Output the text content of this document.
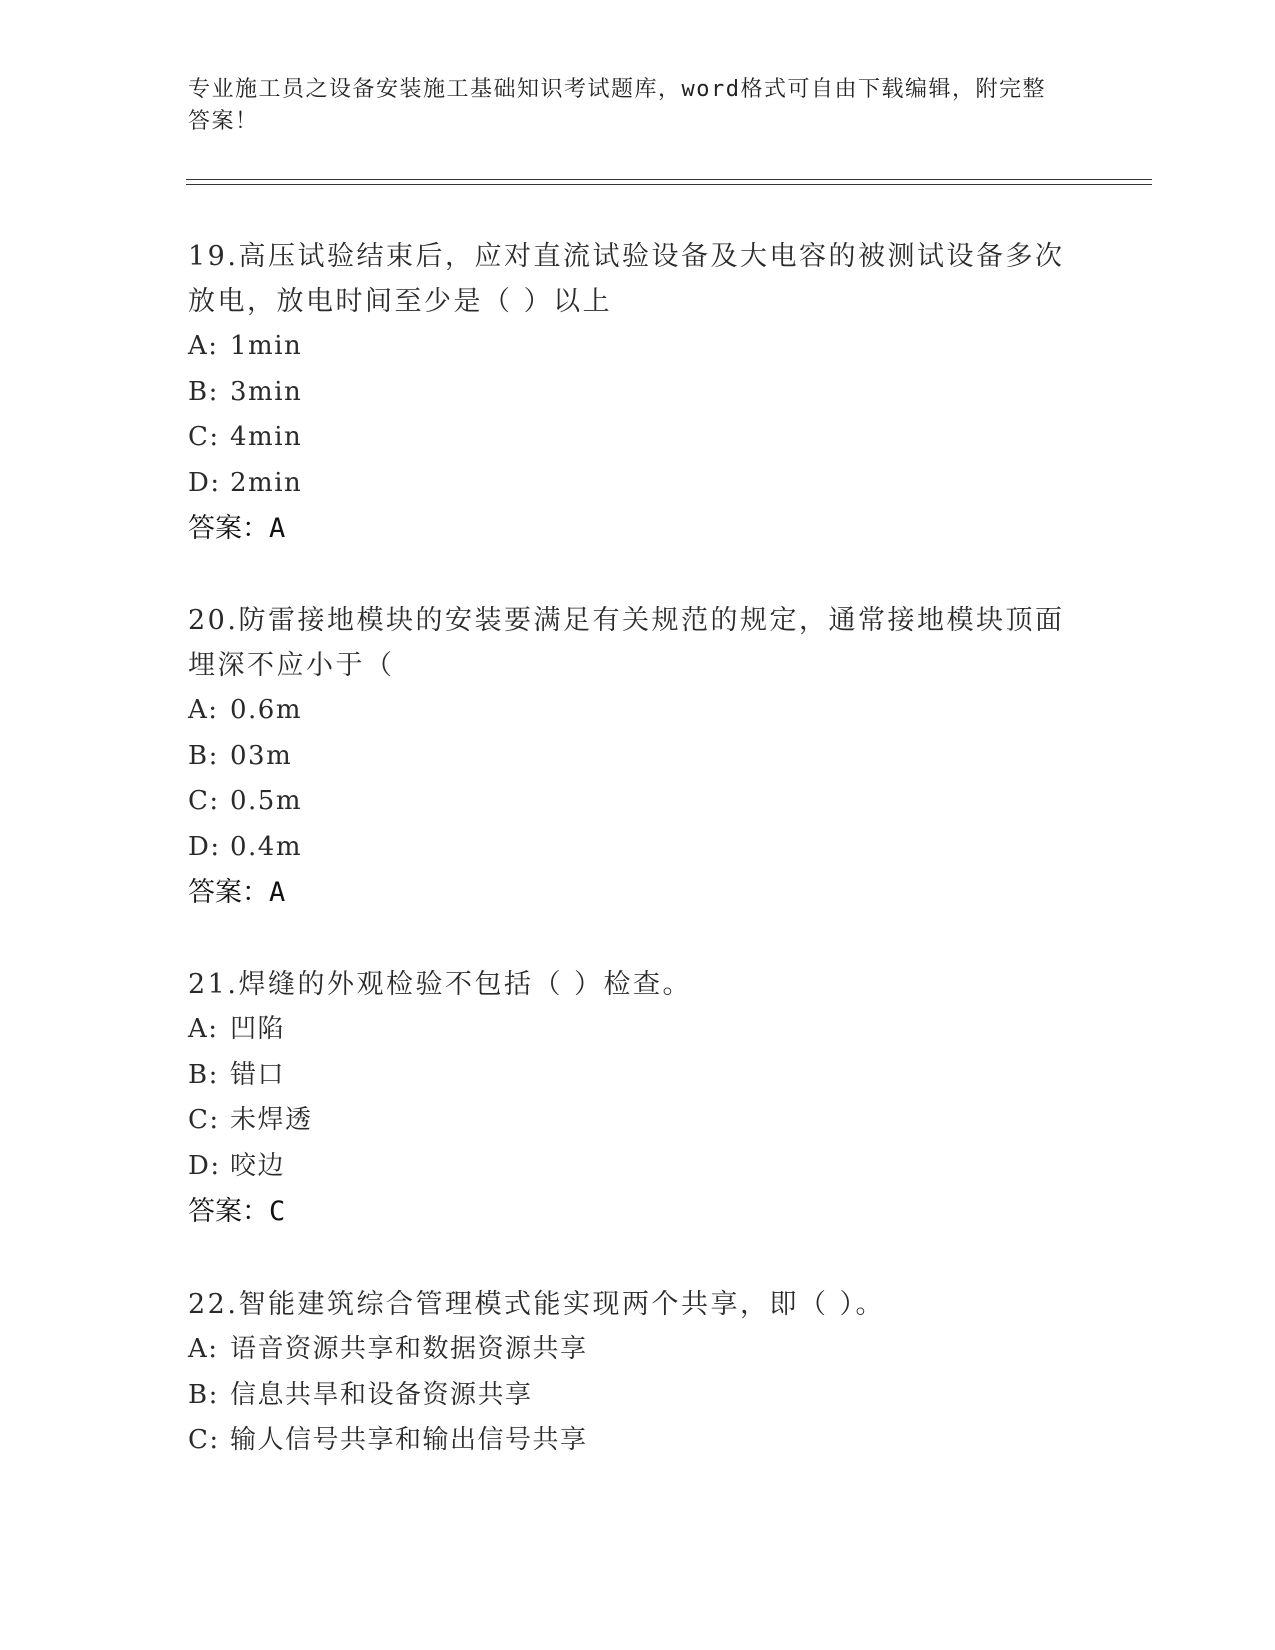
专业施工员之设备安装施工基础知识考试题库，word格式可自由下载编辑，附完整答案！

19.高压试验结束后，应对直流试验设备及大电容的被测试设备多次放电，放电时间至少是（ ）以上

A: 1min
B: 3min
C: 4min
D: 2min
答案：A

20.防雷接地模块的安装要满足有关规范的规定，通常接地模块顶面埋深不应小于（

A: 0.6m
B: 03m
C: 0.5m
D: 0.4m
答案：A

21.焊缝的外观检验不包括（ ）检查。

A: 凹陷
B: 错口
C: 未焊透
D: 咬边
答案：C

22.智能建筑综合管理模式能实现两个共享，即（ ）。

A: 语音资源共享和数据资源共享
B: 信息共旱和设备资源共享
C: 输人信号共享和输出信号共享
